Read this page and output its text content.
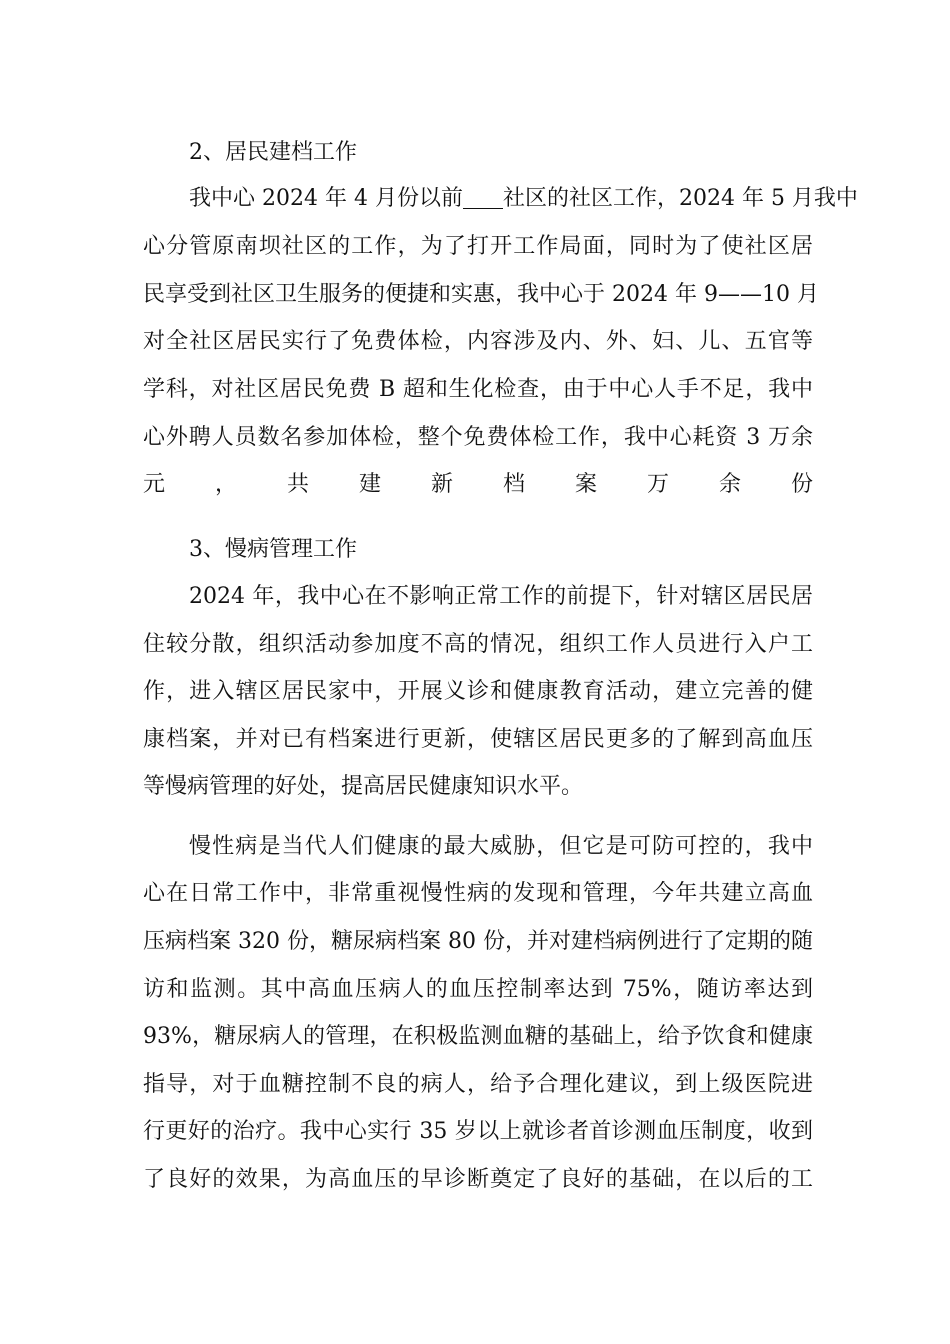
2、居民建档工作
我中心 2024 年 4 月份以前 社区的社区工作，2024 年 5 月我中
心分管原南坝社区的工作，为了打开工作局面，同时为了使社区居
民享受到社区卫生服务的便捷和实惠，我中心于 2024 年 9——10 月
对全社区居民实行了免费体检，内容涉及内、外、妇、儿、五官等
学科，对社区居民免费 B 超和生化检查，由于中心人手不足，我中
心外聘人员数名参加体检，整个免费体检工作，我中心耗资 3 万余
元，共建新档案万余份
3、慢病管理工作
2024 年，我中心在不影响正常工作的前提下，针对辖区居民居
住较分散，组织活动参加度不高的情况，组织工作人员进行入户工
作，进入辖区居民家中，开展义诊和健康教育活动，建立完善的健
康档案，并对已有档案进行更新，使辖区居民更多的了解到高血压
等慢病管理的好处，提高居民健康知识水平。
慢性病是当代人们健康的最大威胁，但它是可防可控的，我中
心在日常工作中，非常重视慢性病的发现和管理，今年共建立高血
压病档案 320 份，糖尿病档案 80 份，并对建档病例进行了定期的随
访和监测。其中高血压病人的血压控制率达到 75%，随访率达到
93%，糖尿病人的管理，在积极监测血糖的基础上，给予饮食和健康
指导，对于血糖控制不良的病人，给予合理化建议，到上级医院进
行更好的治疗。我中心实行 35 岁以上就诊者首诊测血压制度，收到
了良好的效果，为高血压的早诊断奠定了良好的基础，在以后的工
